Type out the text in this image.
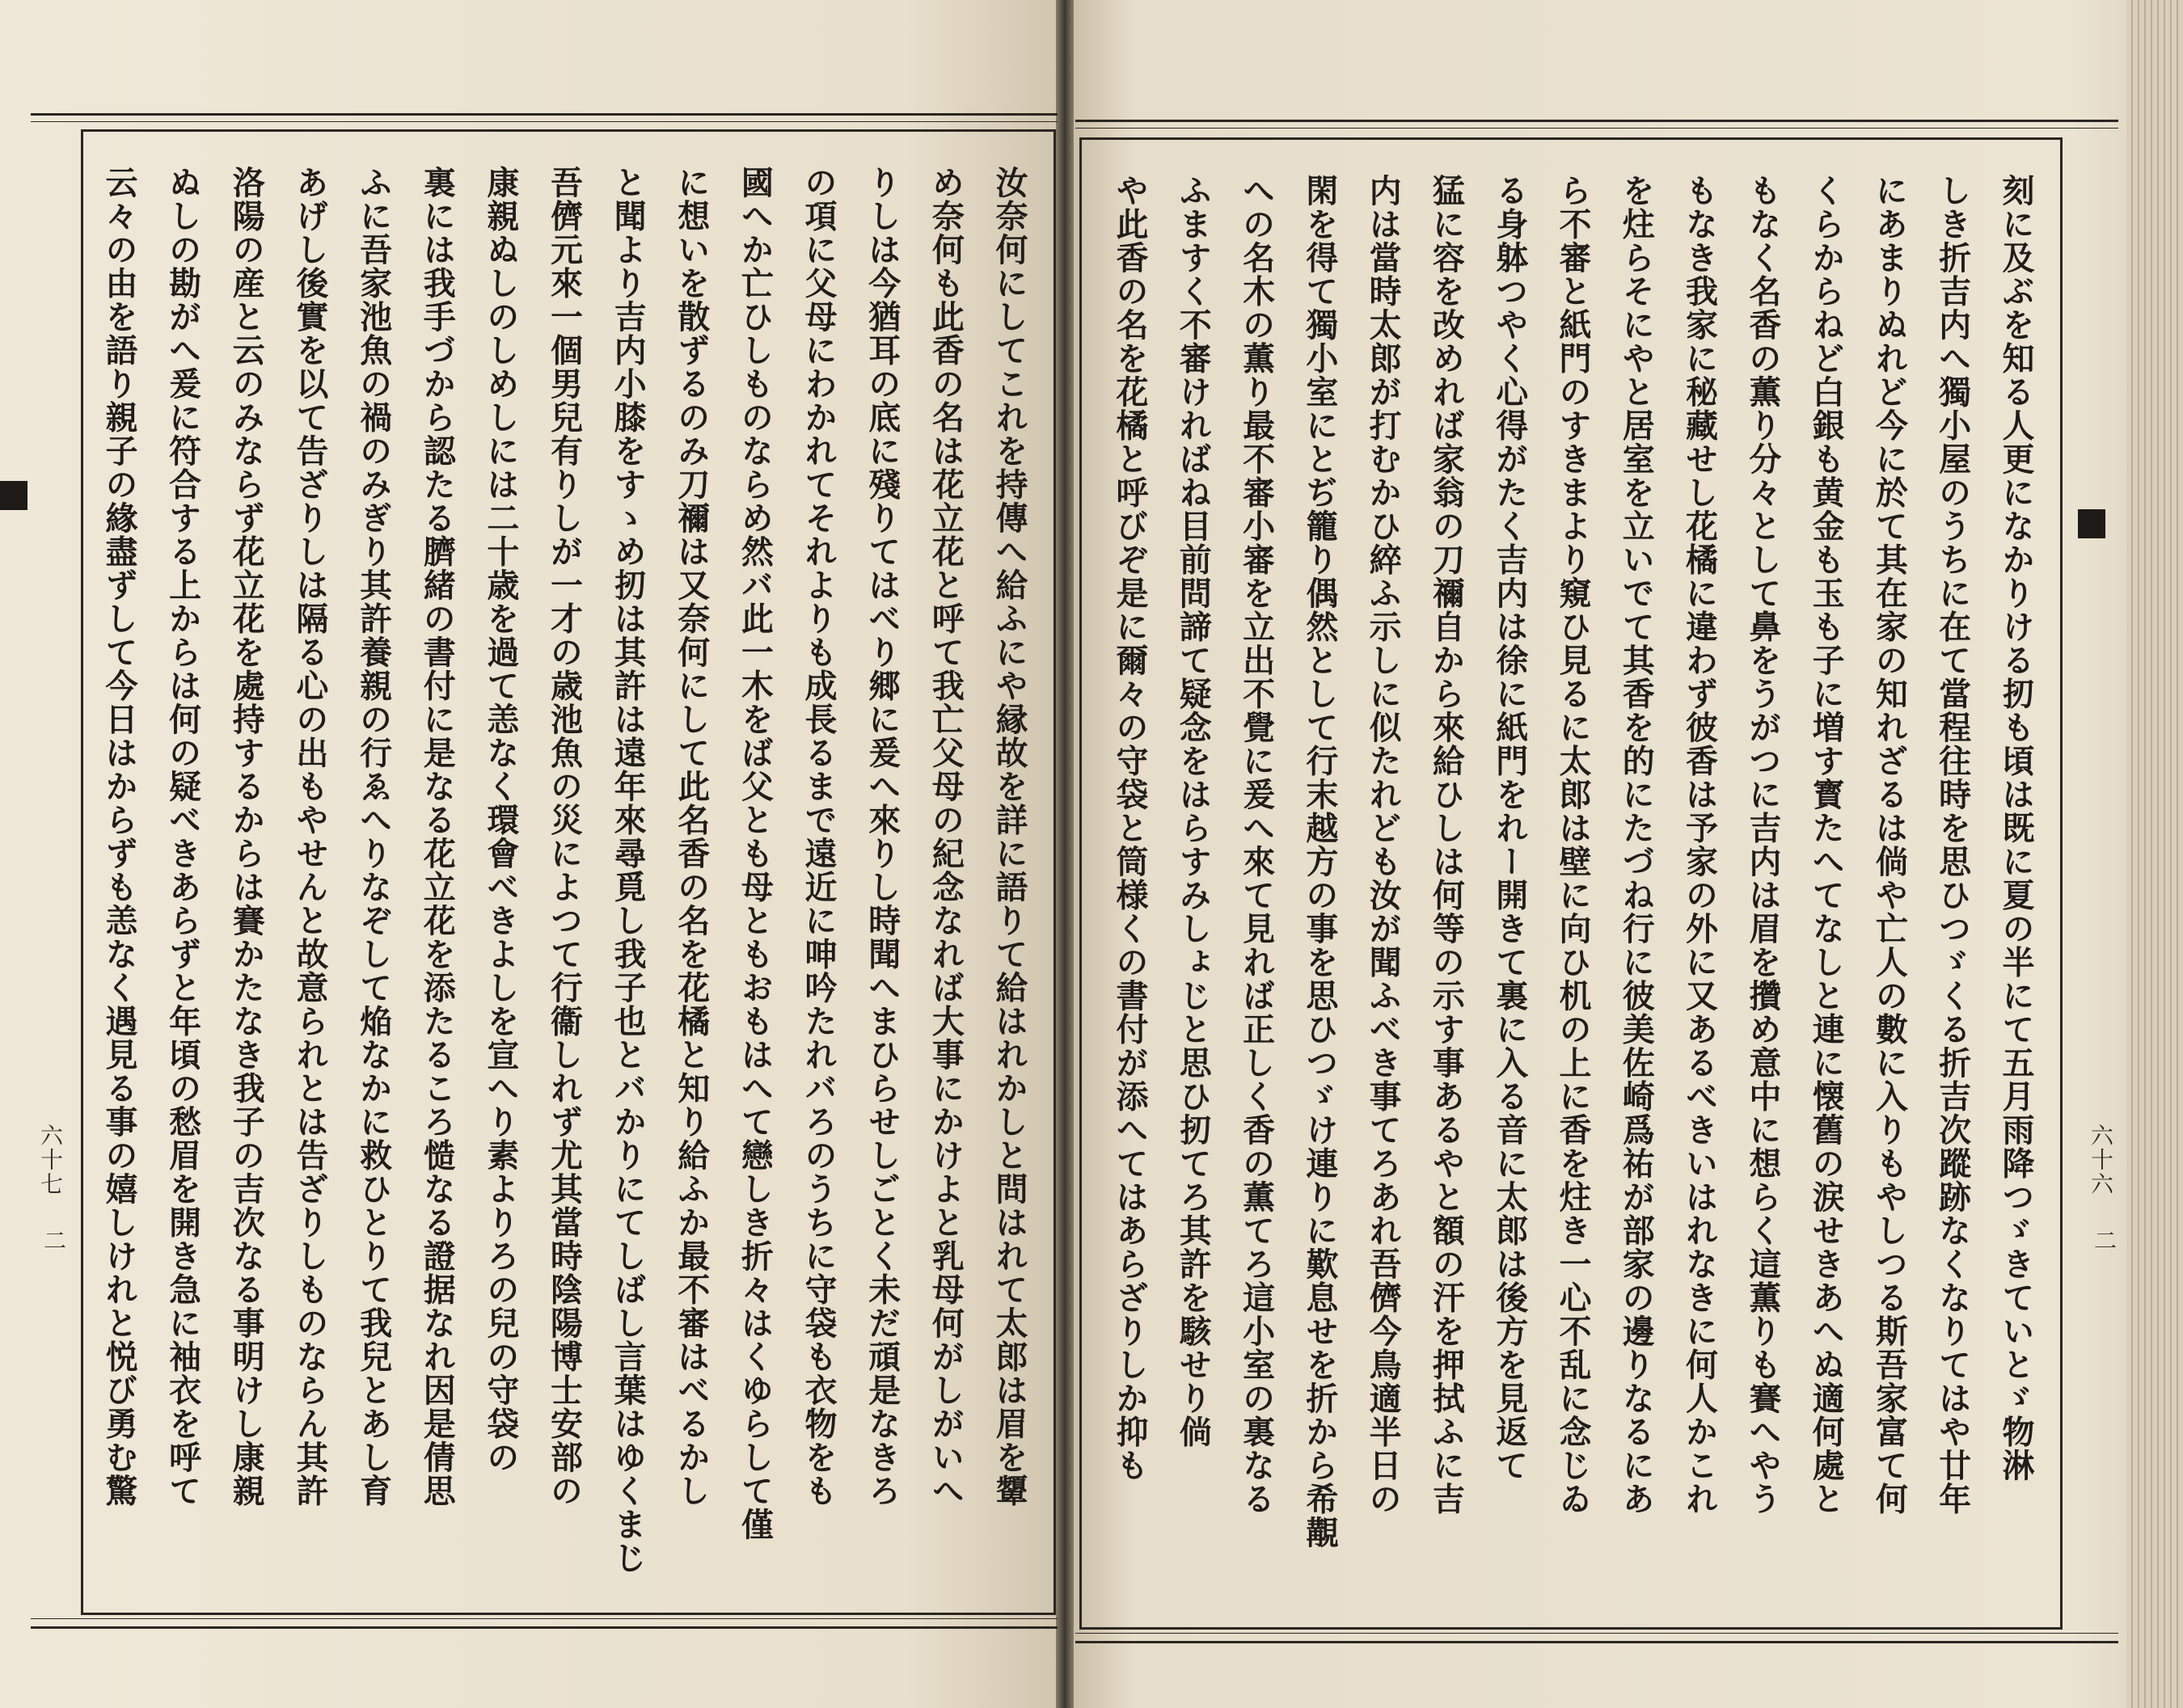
六十七
二	汝奈何にしてこれを持傳へ給ふにや縁故を詳に語りて給はれかしと問はれて太郎は眉を顰
め奈何も此香の名は花立花と呼て我亡父母の紀念なれば大事にかけよと乳母何がしがいへ
りしは今猶耳の底に殘りてはべり郷に爰へ來りし時聞へまひらせしごとく未だ頑是なきろ
の項に父母にわかれてそれよりも成長るまで遠近に呻吟たれバろのうちに守袋も衣物をも
國へか亡ひしものならめ然バ此一木をば父とも母ともおもはへて戀しき折々はくゆらして僅
に想いを散ずるのみ刀禰は又奈何にして此名香の名を花橘と知り給ふか最不審はべるかし
と聞より吉内小膝をすゝめ扨は其許は遠年來尋覓し我子也とバかりにてしばし言葉はゆくまじ
吾儕元來一個男兒有りしが一才の歳池魚の災によつて行衞しれず尤其當時陰陽博士安部の
康親ぬしのしめしには二十歳を過て恙なく環會べきよしを宣へり素よりろの兒の守袋の
裏には我手づから認たる臍緒の書付に是なる花立花を添たるころ慥なる證据なれ因是倩思
ふに吾家池魚の禍のみぎり其許養親の行ゑへりなぞして焔なかに救ひとりて我兒とあし育
あげし後實を以て告ざりしは隔る心の出もやせんと故意られとは告ざりしものならん其許
洛陽の産と云のみならず花立花を處持するからは賽かたなき我子の吉次なる事明けし康親
ぬしの勘がへ爰に符合する上からは何の疑べきあらずと年頃の愁眉を開き急に袖衣を呼て
云々の由を語り親子の緣盡ずして今日はからずも恙なく遇見る事の嬉しけれと悦び勇む驚	六十六
二
刻に及ぶを知る人更になかりける扨も頃は既に夏の半にて五月雨降つゞきていとゞ物淋
しき折吉内へ獨小屋のうちに在て當程往時を思ひつゞくる折吉次蹤跡なくなりてはや廿年
にあまりぬれど今に於て其在家の知れざるは倘や亡人の數に入りもやしつる斯吾家富て何
くらからねど白銀も黄金も玉も子に増す寳たへてなしと連に懐舊の涙せきあへぬ適何處と
もなく名香の薫り分々として鼻をうがつに吉内は眉を攢め意中に想らく這薫りも賽へやう
もなき我家に秘藏せし花橘に違わず彼香は予家の外に又あるべきいはれなきに何人かこれ
を炷らそにやと居室を立いでて其香を的にたづね行に彼美佐崎爲祐が部家の邊りなるにあ
ら不審と紙門のすきまより窺ひ見るに太郎は壁に向ひ机の上に香を炷き一心不乱に念じゐ
る身躰つやく心得がたく吉内は徐に紙門をれー開きて裏に入る音に太郎は後方を見返て
猛に容を改めれば家翁の刀禰自から來給ひしは何等の示す事あるやと額の汗を押拭ふに吉
内は當時太郎が打むかひ綷ふ示しに似たれども汝が聞ふべき事てろあれ吾儕今鳥適半日の
閑を得て獨小室にとぢ籠り偶然として行末越方の事を思ひつゞけ連りに歎息せを折から希覯
への名木の薫り最不審小審を立出不覺に爰へ來て見れば正しく香の薫てろ這小室の裏なる
ふますく不審ければね目前問諦て疑念をはらすみしょじと思ひ扨てろ其許を駭せり倘
や此香の名を花橘と呼びぞ是に爾々の守袋と筒様くの書付が添へてはあらざりしか抑も
